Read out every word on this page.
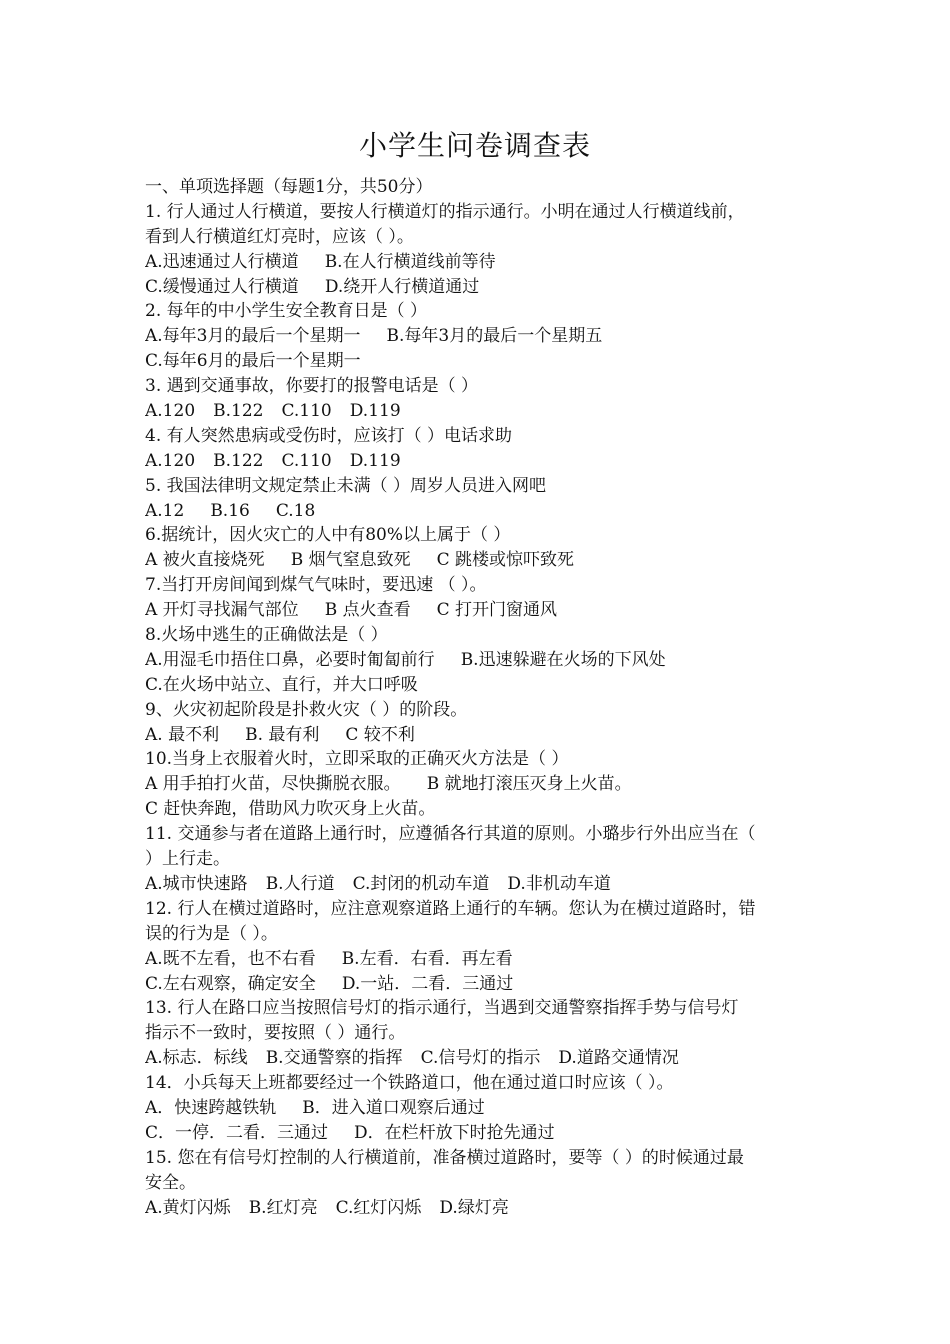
小学生问卷调查表
一、单项选择题（每题1分，共50分）
1. 行人通过人行横道，要按人行横道灯的指示通行。小明在通过人行横道线前，
看到人行横道红灯亮时，应该（ ）。
A.迅速通过人行横道 B.在人行横道线前等待
C.缓慢通过人行横道 D.绕开人行横道通过
2. 每年的中小学生安全教育日是（ ）
A.每年3月的最后一个星期一 B.每年3月的最后一个星期五
C.每年6月的最后一个星期一
3. 遇到交通事故，你要打的报警电话是（ ）
A.120 B.122 C.110 D.119
4. 有人突然患病或受伤时，应该打（ ）电话求助
A.120 B.122 C.110 D.119
5. 我国法律明文规定禁止未满（ ）周岁人员进入网吧
A.12 B.16 C.18
6.据统计，因火灾亡的人中有80%以上属于（ ）
A 被火直接烧死 B 烟气窒息致死 C 跳楼或惊吓致死
7.当打开房间闻到煤气气味时，要迅速 （ ）。
A 开灯寻找漏气部位 B 点火查看 C 打开门窗通风
8.火场中逃生的正确做法是（ ）
A.用湿毛巾捂住口鼻，必要时匍匐前行 B.迅速躲避在火场的下风处
C.在火场中站立、直行，并大口呼吸
9、火灾初起阶段是扑救火灾（ ）的阶段。
A. 最不利 B. 最有利 C 较不利
10.当身上衣服着火时，立即采取的正确灭火方法是（ ）
A 用手拍打火苗，尽快撕脱衣服。 B 就地打滚压灭身上火苗。
C 赶快奔跑，借助风力吹灭身上火苗。
11. 交通参与者在道路上通行时，应遵循各行其道的原则。小璐步行外出应当在（
）上行走。
A.城市快速路 B.人行道 C.封闭的机动车道 D.非机动车道
12. 行人在横过道路时，应注意观察道路上通行的车辆。您认为在横过道路时，错
误的行为是（ ）。
A.既不左看，也不右看 B.左看．右看．再左看
C.左右观察，确定安全 D.一站．二看．三通过
13. 行人在路口应当按照信号灯的指示通行，当遇到交通警察指挥手势与信号灯
指示不一致时，要按照（ ）通行。
A.标志．标线 B.交通警察的指挥 C.信号灯的指示 D.道路交通情况
14．小兵每天上班都要经过一个铁路道口，他在通过道口时应该（ ）。
A．快速跨越铁轨 B．进入道口观察后通过
C．一停．二看．三通过 D．在栏杆放下时抢先通过
15. 您在有信号灯控制的人行横道前，准备横过道路时，要等（ ）的时候通过最
安全。
A.黄灯闪烁 B.红灯亮 C.红灯闪烁 D.绿灯亮
